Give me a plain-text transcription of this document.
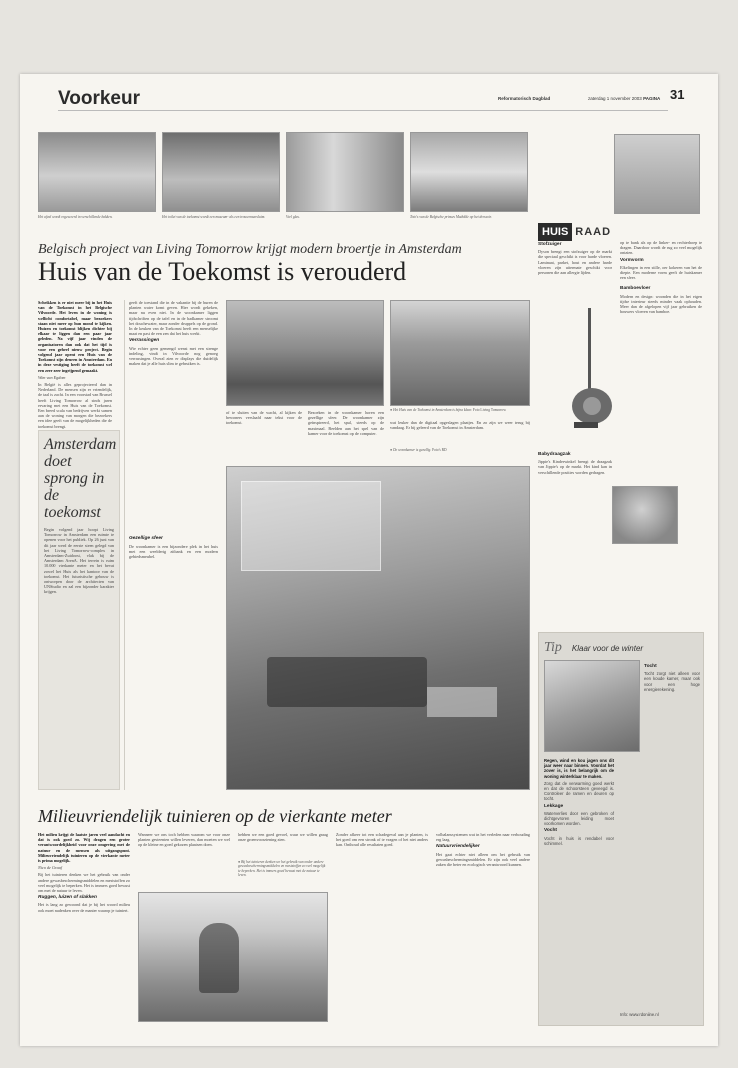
Voorkeur	Reformatorisch Dagblad	zaterdag 1 november 2003 PAGINA 31
Het afval wordt regesceerd in verschillende bakken.	Het toilet van de toekomst wordt een museum- als een trouwensarsluim.	Veel glas.	Toto's van de Belgische prinses Mathilde op het dressoir.
Belgisch project van Living Tomorrow krijgt modern broertje in Amsterdam
Huis van de Toekomst is verouderd

Schrikken is er niet meer bij in het Huis van de Toekomst in het Belgische Vilvoorde. Het leven in de woning is wellicht comfortabel, maar bezoekers staan niet meer op hun mond te kijken. Huizen en toekomst blijken dichter bij elkaar te liggen dan een paar jaar geleden. Na vijf jaar vinden de organisatoren dan ook dat het tijd is voor een geheel nieuw project. Begin volgend jaar opent een Huis van de Toekomst zijn deuren in Amsterdam. En in deze vestiging heeft de toekomst wel een zeer zeer ingrijpend gemaakt.

Wim van Egdom

In België is alles geprojecteerd dan in Nederland. De mensen zijn er vriendelijk, de taal is zacht. In een voorstad van Brussel heeft Living Tomorrow al sinds jaren ervaring met een Huis van de Toekomst. Een breed scala van bedrijven werkt samen aan de woning van morgen die bezoekers een idee geeft van de mogelijkheden die de toekomst brengt.

Amsterdam doet sprong in de toekomst
Begin volgend jaar hoopt Living Tomorrow in Amsterdam een ruimte te openen voor het publiek. Op 26 juni van dit jaar werd de eerste steen gelegd van het Living Tomorrow-complex in Amsterdam-Zuidoost, vlak bij de Amsterdam ArenA. Het terrein is ruim 10.000 vierkante meter en het bevat zowel het Huis als het kantoor van de toekomst. Het futuristische gebouw is ontworpen door de architecten van UNStudio en zal een bijzonder karakter krijgen.

geeft de toestand die in de vakantie bij de buren de planten water komt geven. Hier wordt gekeken, maar nu even niet. In de woonkamer liggen tijdschriften op de tafel en in de badkamer stroomt het douchewater, maar zonder druppels op de grond. In de keuken van de Toekomst heeft een menselijke maat en past de een zen dat het huis werkt.

Verrassingen

Wie echter geen gemengd wenst met een strenge indeling, vindt in Vilvoorde nog genoeg verrassingen. Overal zien er displays die duidelijk maken dat je alle huis slim te gebruiken is.

Gezellige sfeer

De woonkamer is een bijzondere plek in het huis met een weelderig zitbank en een modern gebiedsmeubel.

of te sluiten van de wacht, al kijken de bewoners verslaafd naar tekst voor de toekomst.
Bezoeken in de woonkamer horen een gezellige sfeer. De woonkamer zijn geïnspireerd, het spul, steeds op de maximaal. Beelden aan het spel van de kamer voor de toekomst op de computer.
● Het Huis van de Toekomst in Amsterdam is bijna klaar. Foto Living Tomorrow
wat leuker dan de digitaal opgeslagen plaatjes. En zo zijn we weer terug bij vandaag. Er bij geleerd van de Toekomst in Amsterdam.
● De woonkamer is gezellig. Foto's RD
Milieuvriendelijk tuinieren op de vierkante meter

Het milieu krijgt de laatste jaren veel aandacht en dat is ook goed zo. Wij dragen een groter verantwoordelijkheid voor onze omgeving met de natuur en de mensen als uitgangspunt. Milieuvriendelijk tuinieren op de vierkante meter is prima mogelijk.

Nico de Graaf

Bij het tuinieren denken we het gebruik van onder andere gewasbeschermingsmiddelen en meststoffen zo veel mogelijk te beperken. Het is immers goed bewust om met de natuur te leven.

Ruggen, luizen of slakken

Het is lang zo gewoond dat je bij het woord milieu ook moet nadenken over de manier waarop je tuiniert.

Wanneer we ons toch hebben waarom we voor onze planten gesteenten willen leveren, dan moeten we wel op de kleine en goed gekozen plaatsen doen.
hebben we een goed gevoel, waar we willen graag onze groenvoorziening zien.
● Bij het tuinieren denken we het gebruik van onder andere gewasbeschermingsmiddelen en meststoffen zo veel mogelijk te beperken. Het is immers goed bewust met de natuur te leven.
Zonder afkeer tot een schadegeval aan je planten, is het goed om een stronk of te vragen of het niet anders kan. Onthoud alle resultaten goed.

volbalanssystemen wat in het verleden naar verhouding erg laag.

Natuurvriendelijker

Het gaat echter niet alleen om het gebruik van gewasbeschermingsmiddelen. Er zijn ook veel andere zaken die beter en ecologisch verantwoord kunnen.

HUIS RAAD

Stofzuiger

Dyson brengt een stofzuiger op de markt die speciaal geschikt is voor harde vloeren. Laminaat, parket, hout en andere harde vloeren zijn uitermate geschikt voor personen die aan allergie lijden.

Babydraagzak

Jippie's Kinderwinkel brengt de draagzak van Jippie's op de markt. Het kind kan in verschillende posities worden gedragen.

op te bank als op de linker- en rechterhoep te dragen. Daardoor wordt de rug zo veel mogelijk ontzien.

Vormvorm

Elkelingen in een stille, oer kokeren van het de diepte. Een moderne vorm geeft de huiskamer een sfeer.

Bamboevloer

Modern en design: woonden die in het eigen tijdse interieur steeds minder vaak ophouden. Meer dan de afgelopen vijf jaar gebruiken de bouwers vloeren van bamboe.

Tip Klaar voor de winter

Tocht

Tocht zorgt niet alleen voor een koude kamer, maar ook voor een hoge energierekening.

Regen, wind en kou jagen ons dit jaar weer naar binnen. Voordat het zover is, is het belangrijk om de woning winterklaar te maken.

Zorg dat de verwarming goed werkt en dat de schoorsteen geveegd is. Controleer de ramen en deuren op tocht.

Lekkage

Waterverlies door een gebroken of dichtgevroren leiding moet voorkomen worden.

Vocht

Vocht in huis is rendabel voor schimmel.

Info: www.rdoniine.nl
